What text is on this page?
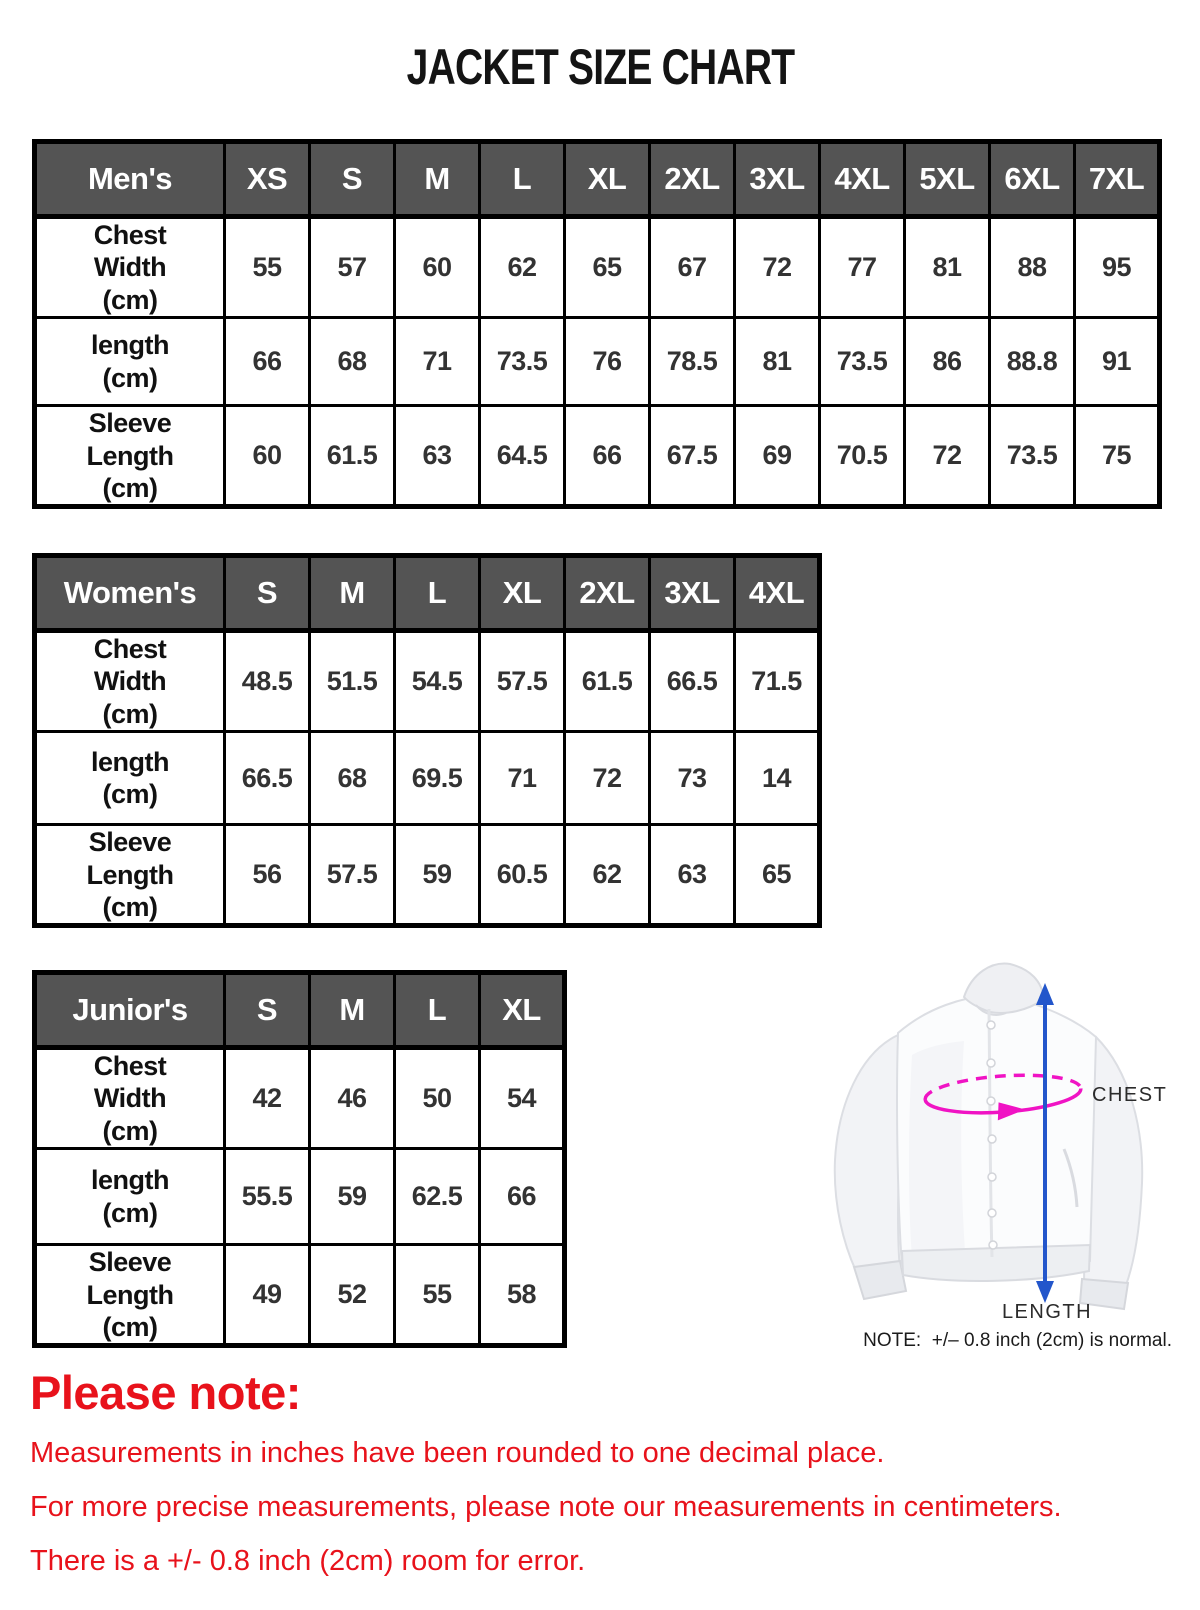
JACKET SIZE CHART
Men's	XS	S	M	L	XL	2XL	3XL	4XL	5XL	6XL	7XL
Chest Width (cm)	55	57	60	62	65	67	72	77	81	88	95
length (cm)	66	68	71	73.5	76	78.5	81	73.5	86	88.8	91
Sleeve Length (cm)	60	61.5	63	64.5	66	67.5	69	70.5	72	73.5	75
Women's	S	M	L	XL	2XL	3XL	4XL
Chest Width (cm)	48.5	51.5	54.5	57.5	61.5	66.5	71.5
length (cm)	66.5	68	69.5	71	72	73	14
Sleeve Length (cm)	56	57.5	59	60.5	62	63	65
Junior's	S	M	L	XL
Chest Width (cm)	42	46	50	54
length (cm)	55.5	59	62.5	66
Sleeve Length (cm)	49	52	55	58
CHEST
LENGTH
NOTE:  +/– 0.8 inch (2cm) is normal.
Please note:

Measurements in inches have been rounded to one decimal place.

For more precise measurements, please note our measurements in centimeters.

There is a +/- 0.8 inch (2cm) room for error.
